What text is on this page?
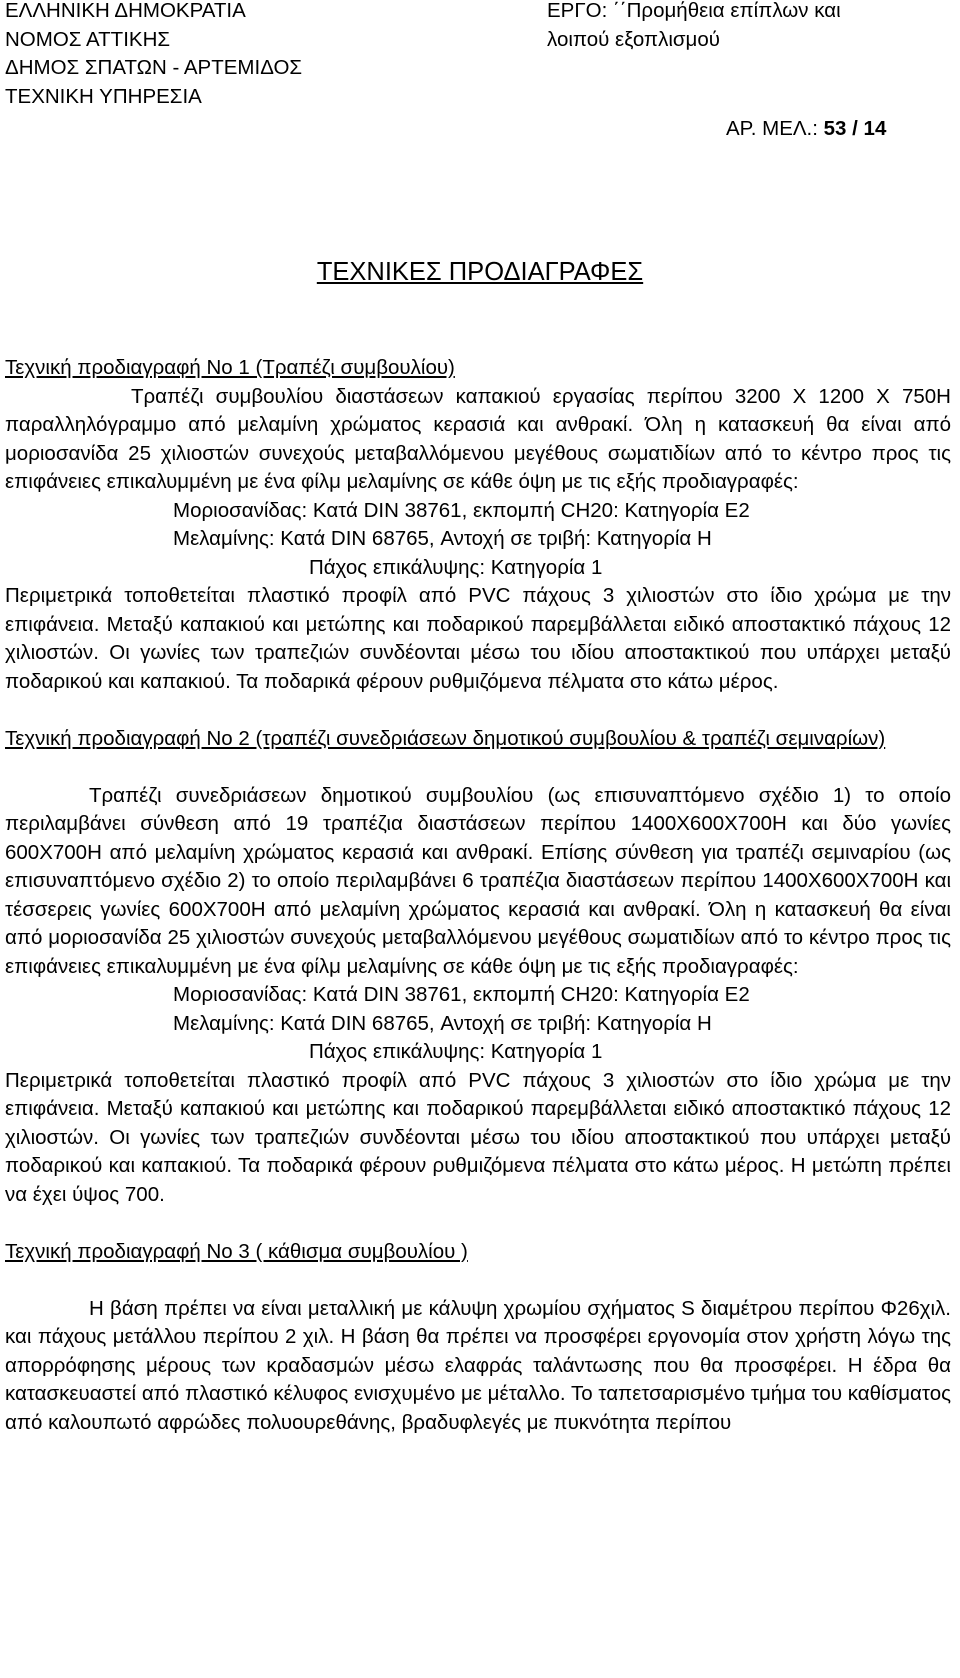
ΕΛΛΗΝΙΚΗ ΔΗΜΟΚΡΑΤΙΑ
ΝΟΜΟΣ ΑΤΤΙΚΗΣ
ΔΗΜΟΣ ΣΠΑΤΩΝ - ΑΡΤΕΜΙΔΟΣ
ΤΕΧΝΙΚΗ ΥΠΗΡΕΣΙΑ
ΕΡΓΟ: ΄΄Προμήθεια επίπλων και
λοιπού εξοπλισμού
ΑΡ. ΜΕΛ.: 53 / 14
ΤΕΧΝΙΚΕΣ ΠΡΟΔΙΑΓΡΑΦΕΣ
Τεχνική προδιαγραφή Νο 1 (Τραπέζι συμβουλίου)

Τραπέζι συμβουλίου διαστάσεων καπακιού εργασίας περίπου 3200 Χ 1200 Χ 750Η παραλληλόγραμμο από μελαμίνη χρώματος κερασιά και ανθρακί. Όλη η κατασκευή θα είναι από μοριοσανίδα 25 χιλιοστών συνεχούς μεταβαλλόμενου μεγέθους σωματιδίων από το κέντρο προς τις επιφάνειες επικαλυμμένη με ένα φίλμ μελαμίνης σε κάθε όψη με τις εξής προδιαγραφές:

Μοριοσανίδας: Κατά DIN 38761, εκπομπή CH20: Κατηγορία Ε2
Μελαμίνης: Κατά DIN 68765, Αντοχή σε τριβή: Κατηγορία Η
Πάχος επικάλυψης: Κατηγορία 1

Περιμετρικά τοποθετείται πλαστικό προφίλ από PVC πάχους 3 χιλιοστών στο ίδιο χρώμα με την επιφάνεια. Μεταξύ καπακιού και μετώπης και ποδαρικού παρεμβάλλεται ειδικό αποστακτικό πάχους 12 χιλιοστών. Οι γωνίες των τραπεζιών συνδέονται μέσω του ιδίου αποστακτικού που υπάρχει μεταξύ ποδαρικού και καπακιού. Τα ποδαρικά φέρουν ρυθμιζόμενα πέλματα στο κάτω μέρος.

Τεχνική προδιαγραφή Νο 2 (τραπέζι συνεδριάσεων δημοτικού συμβουλίου & τραπέζι σεμιναρίων)

Τραπέζι συνεδριάσεων δημοτικού συμβουλίου (ως επισυναπτόμενο σχέδιο 1) το οποίο περιλαμβάνει σύνθεση από 19 τραπέζια διαστάσεων περίπου 1400Χ600Χ700Η και δύο γωνίες 600Χ700Η από μελαμίνη χρώματος κερασιά και ανθρακί. Επίσης σύνθεση για τραπέζι σεμιναρίου (ως επισυναπτόμενο σχέδιο 2) το οποίο περιλαμβάνει 6 τραπέζια διαστάσεων περίπου 1400Χ600Χ700Η και τέσσερεις γωνίες 600Χ700Η από μελαμίνη χρώματος κερασιά και ανθρακί. Όλη η κατασκευή θα είναι από μοριοσανίδα 25 χιλιοστών συνεχούς μεταβαλλόμενου μεγέθους σωματιδίων από το κέντρο προς τις επιφάνειες επικαλυμμένη με ένα φίλμ μελαμίνης σε κάθε όψη με τις εξής προδιαγραφές:

Μοριοσανίδας: Κατά DIN 38761, εκπομπή CH20: Κατηγορία Ε2
Μελαμίνης: Κατά DIN 68765, Αντοχή σε τριβή: Κατηγορία Η
Πάχος επικάλυψης: Κατηγορία 1

Περιμετρικά τοποθετείται πλαστικό προφίλ από PVC πάχους 3 χιλιοστών στο ίδιο χρώμα με την επιφάνεια. Μεταξύ καπακιού και μετώπης και ποδαρικού παρεμβάλλεται ειδικό αποστακτικό πάχους 12 χιλιοστών. Οι γωνίες των τραπεζιών συνδέονται μέσω του ιδίου αποστακτικού που υπάρχει μεταξύ ποδαρικού και καπακιού. Τα ποδαρικά φέρουν ρυθμιζόμενα πέλματα στο κάτω μέρος. Η μετώπη πρέπει να έχει ύψος 700.

Τεχνική προδιαγραφή Νο 3 ( κάθισμα συμβουλίου )

Η βάση πρέπει να είναι μεταλλική με κάλυψη χρωμίου σχήματος S διαμέτρου περίπου Φ26χιλ. και πάχους μετάλλου περίπου 2 χιλ. Η βάση θα πρέπει να προσφέρει εργονομία στον χρήστη λόγω της απορρόφησης μέρους των κραδασμών μέσω ελαφράς ταλάντωσης που θα προσφέρει. Η έδρα θα κατασκευαστεί από πλαστικό κέλυφος ενισχυμένο με μέταλλο. Το ταπετσαρισμένο τμήμα του καθίσματος από καλουπωτό αφρώδες πολυουρεθάνης, βραδυφλεγές με πυκνότητα περίπου
